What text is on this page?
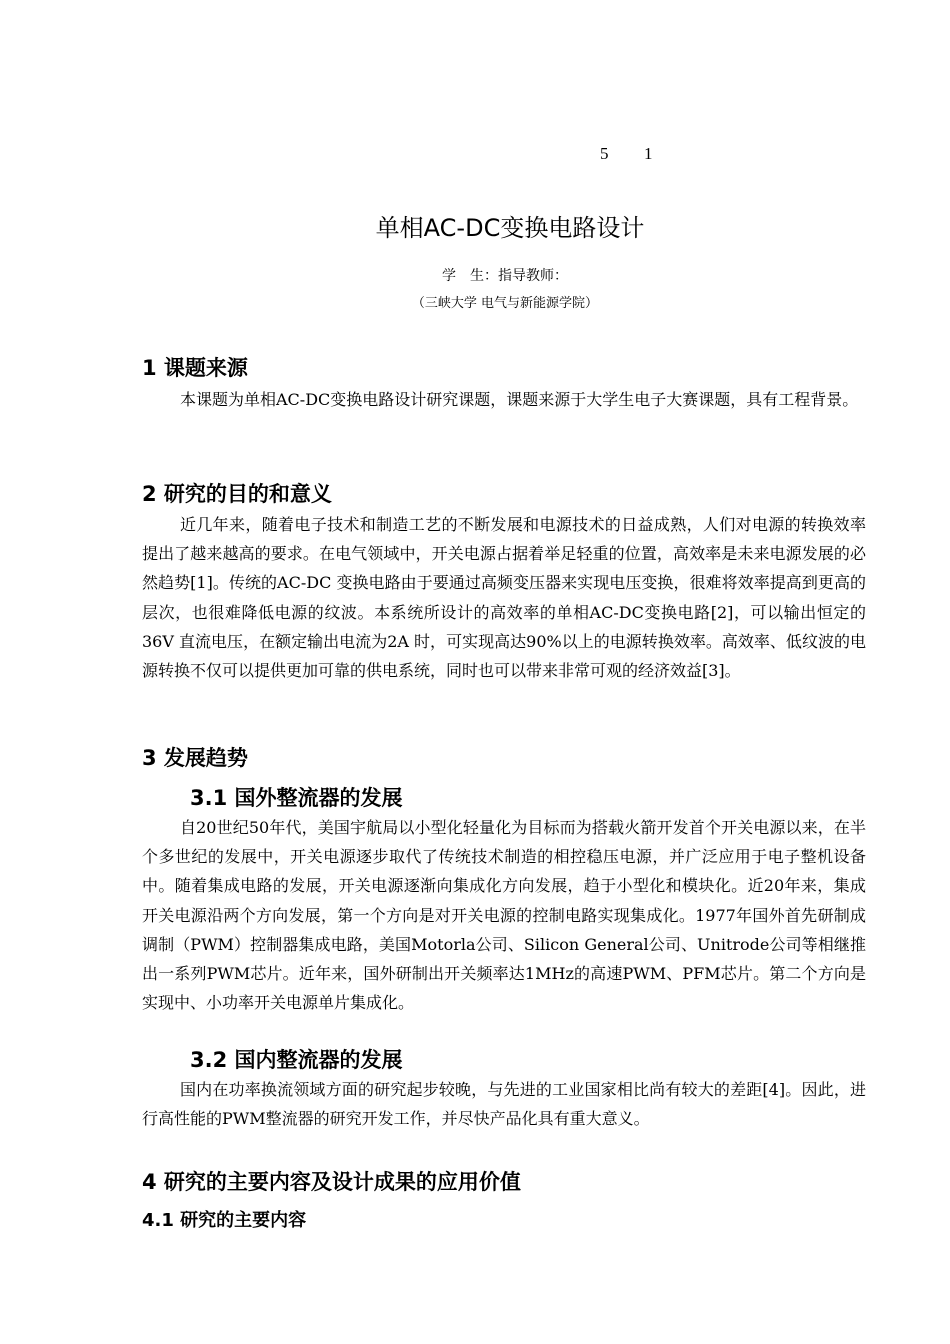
5 1
单相AC-DC变换电路设计
学　生：指导教师：
（三峡大学 电气与新能源学院）
1 课题来源

本课题为单相AC-DC变换电路设计研究课题，课题来源于大学生电子大赛课题，具有工程背景。

2 研究的目的和意义

近几年来，随着电子技术和制造工艺的不断发展和电源技术的日益成熟，人们对电源的转换效率提出了越来越高的要求。在电气领域中，开关电源占据着举足轻重的位置，高效率是未来电源发展的必然趋势[1]。传统的AC-DC 变换电路由于要通过高频变压器来实现电压变换，很难将效率提高到更高的层次，也很难降低电源的纹波。本系统所设计的高效率的单相AC-DC变换电路[2]，可以输出恒定的36V 直流电压，在额定输出电流为2A 时，可实现高达90%以上的电源转换效率。高效率、低纹波的电源转换不仅可以提供更加可靠的供电系统，同时也可以带来非常可观的经济效益[3]。

3 发展趋势
3.1 国外整流器的发展

自20世纪50年代，美国宇航局以小型化轻量化为目标而为搭载火箭开发首个开关电源以来，在半个多世纪的发展中，开关电源逐步取代了传统技术制造的相控稳压电源，并广泛应用于电子整机设备中。随着集成电路的发展，开关电源逐渐向集成化方向发展，趋于小型化和模块化。近20年来，集成开关电源沿两个方向发展，第一个方向是对开关电源的控制电路实现集成化。1977年国外首先研制成调制（PWM）控制器集成电路，美国Motorla公司、Silicon General公司、Unitrode公司等相继推出一系列PWM芯片。近年来，国外研制出开关频率达1MHz的高速PWM、PFM芯片。第二个方向是实现中、小功率开关电源单片集成化。

3.2 国内整流器的发展

国内在功率换流领域方面的研究起步较晚，与先进的工业国家相比尚有较大的差距[4]。因此，进行高性能的PWM整流器的研究开发工作，并尽快产品化具有重大意义。

4 研究的主要内容及设计成果的应用价值
4.1 研究的主要内容
